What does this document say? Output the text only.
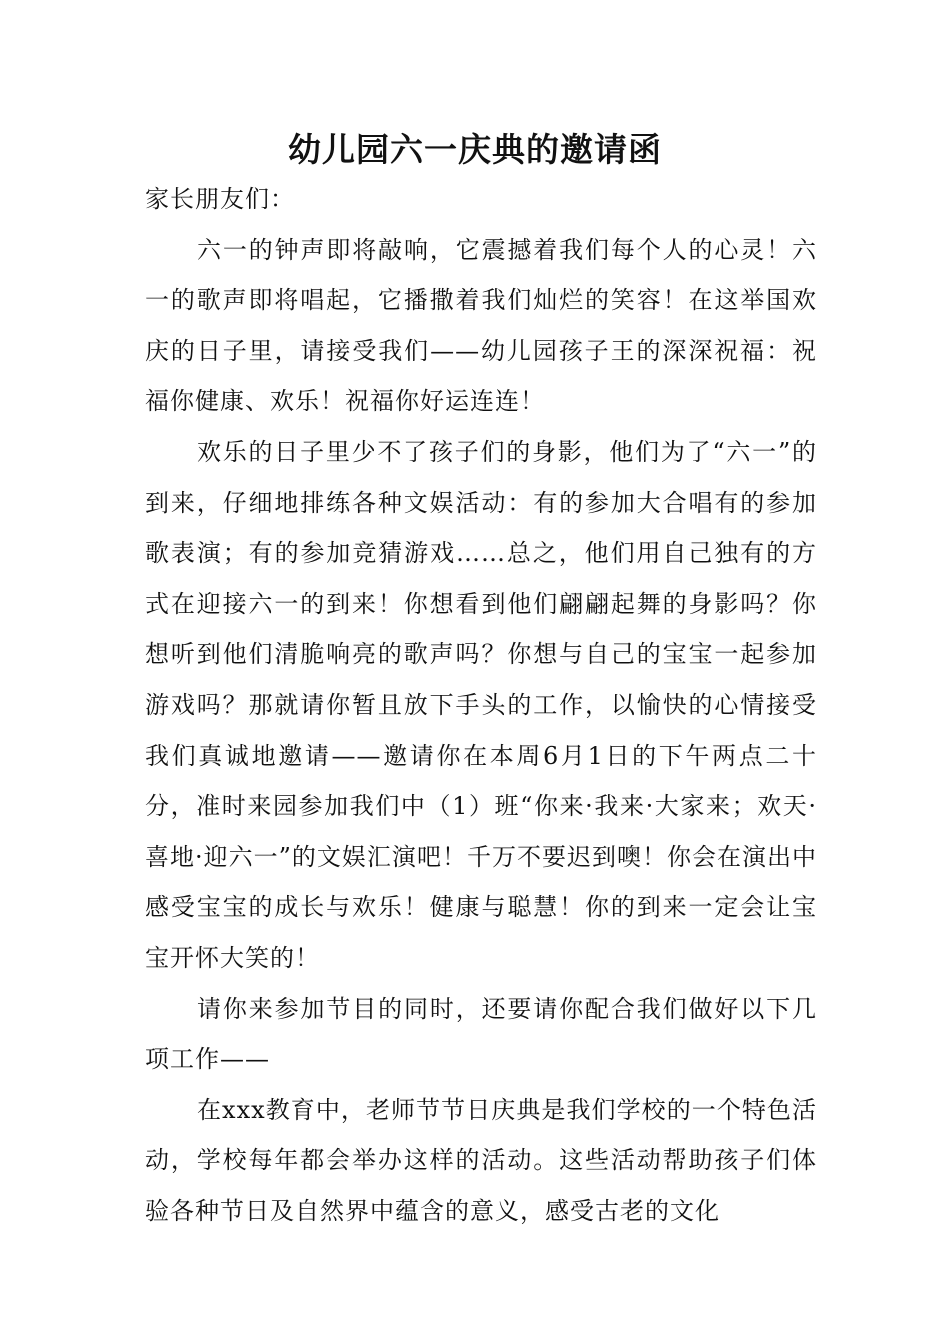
幼儿园六一庆典的邀请函

家长朋友们：

六一的钟声即将敲响，它震撼着我们每个人的心灵！六一的歌声即将唱起，它播撒着我们灿烂的笑容！在这举国欢庆的日子里，请接受我们——幼儿园孩子王的深深祝福：祝福你健康、欢乐！祝福你好运连连！

欢乐的日子里少不了孩子们的身影，他们为了“六一”的到来，仔细地排练各种文娱活动：有的参加大合唱有的参加歌表演；有的参加竞猜游戏……总之，他们用自己独有的方式在迎接六一的到来！你想看到他们翩翩起舞的身影吗？你想听到他们清脆响亮的歌声吗？你想与自己的宝宝一起参加游戏吗？那就请你暂且放下手头的工作，以愉快的心情接受我们真诚地邀请——邀请你在本周6月1日的下午两点二十分，准时来园参加我们中（1）班“你来·我来·大家来；欢天·喜地·迎六一”的文娱汇演吧！千万不要迟到噢！你会在演出中感受宝宝的成长与欢乐！健康与聪慧！你的到来一定会让宝宝开怀大笑的！

请你来参加节目的同时，还要请你配合我们做好以下几项工作——

在xxx教育中，老师节节日庆典是我们学校的一个特色活动，学校每年都会举办这样的活动。这些活动帮助孩子们体验各种节日及自然界中蕴含的意义，感受古老的文化
